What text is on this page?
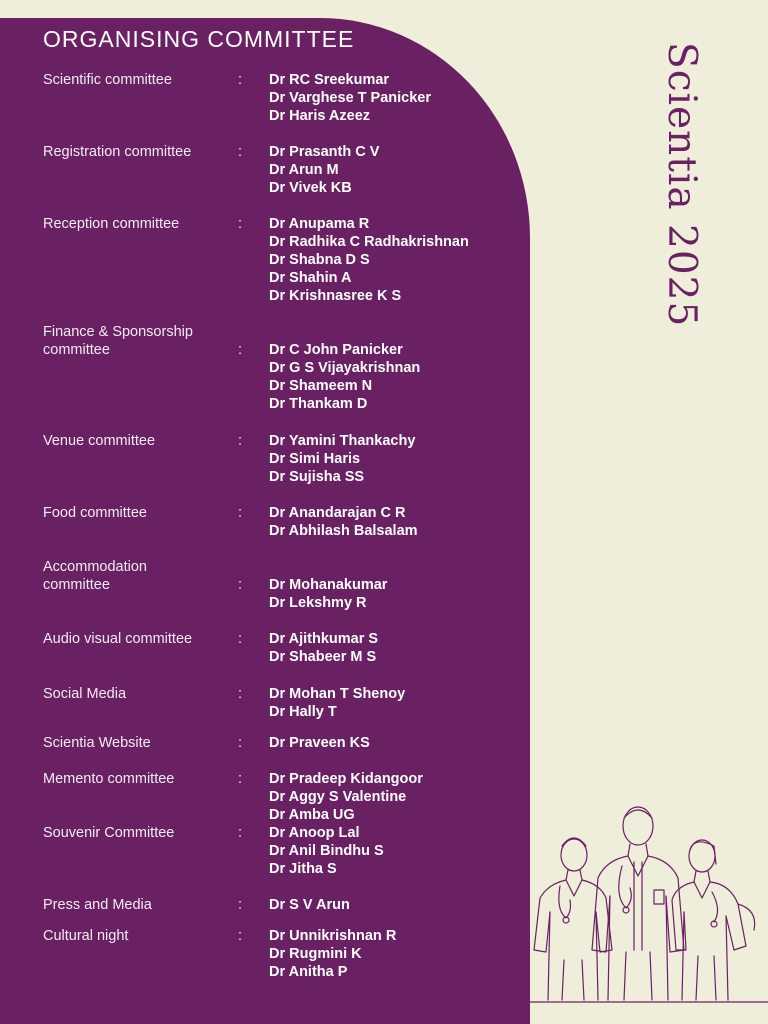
ORGANISING COMMITTEE
Scientific committee	: Dr RC Sreekumar
Dr Varghese T Panicker
Dr Haris Azeez
Registration committee	: Dr Prasanth C V
Dr Arun M
Dr Vivek KB
Reception committee	: Dr Anupama R
Dr Radhika C Radhakrishnan
Dr Shabna D S
Dr Shahin A
Dr Krishnasree K S
Finance & Sponsorship committee	: Dr C John Panicker
Dr G S Vijayakrishnan
Dr Shameem N
Dr Thankam D
Venue committee	: Dr Yamini Thankachy
Dr Simi Haris
Dr Sujisha SS
Food committee	: Dr Anandarajan C R
Dr Abhilash Balsalam
Accommodation committee	: Dr Mohanakumar
Dr Lekshmy R
Audio visual committee	: Dr Ajithkumar S
Dr Shabeer M S
Social Media	: Dr Mohan T Shenoy
Dr Hally T
Scientia Website	: Dr Praveen KS
Memento committee	: Dr Pradeep Kidangoor
Dr Aggy S Valentine
Dr Amba UG
Souvenir Committee	: Dr Anoop Lal
Dr Anil Bindhu S
Dr Jitha S
Press and Media	: Dr S V Arun
Cultural night	: Dr Unnikrishnan R
Dr Rugmini K
Dr Anitha P
Scientia 2025
